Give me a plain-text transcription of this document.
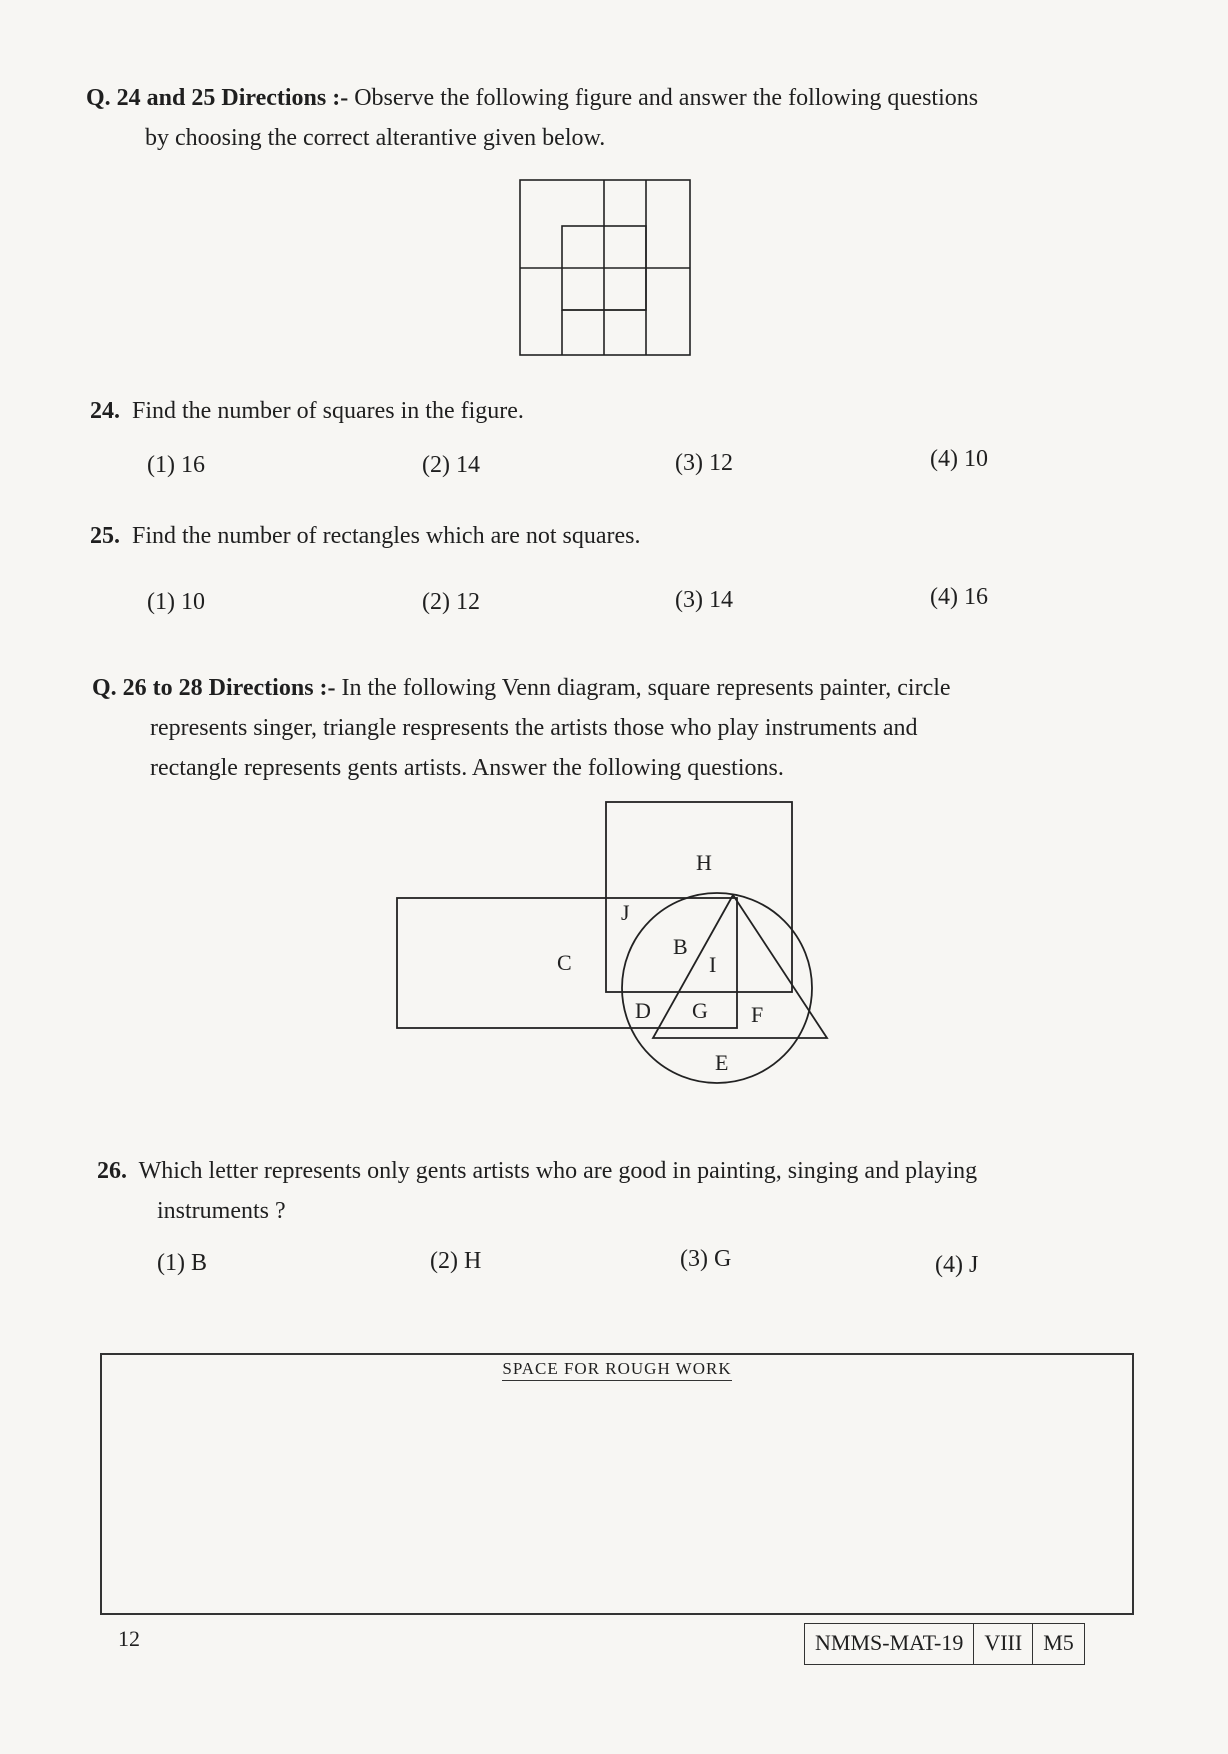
Q. 24 and 25 Directions :- Observe the following figure and answer the following questions
by choosing the correct alterantive given below.
24. Find the number of squares in the figure.
(1) 16	(2) 14	(3) 12	(4) 10
25. Find the number of rectangles which are not squares.
(1) 10	(2) 12	(3) 14	(4) 16
Q. 26 to 28 Directions :- In the following Venn diagram, square represents painter, circle
represents singer, triangle respresents the artists those who play instruments and
rectangle represents gents artists. Answer the following questions.
H
J
C
B
I
D G F
E
26. Which letter represents only gents artists who are good in painting, singing and playing
instruments ?
(1) B	(2) H	(3) G	(4) J
SPACE FOR ROUGH WORK
12	NMMS-MAT-19 VIII M5
